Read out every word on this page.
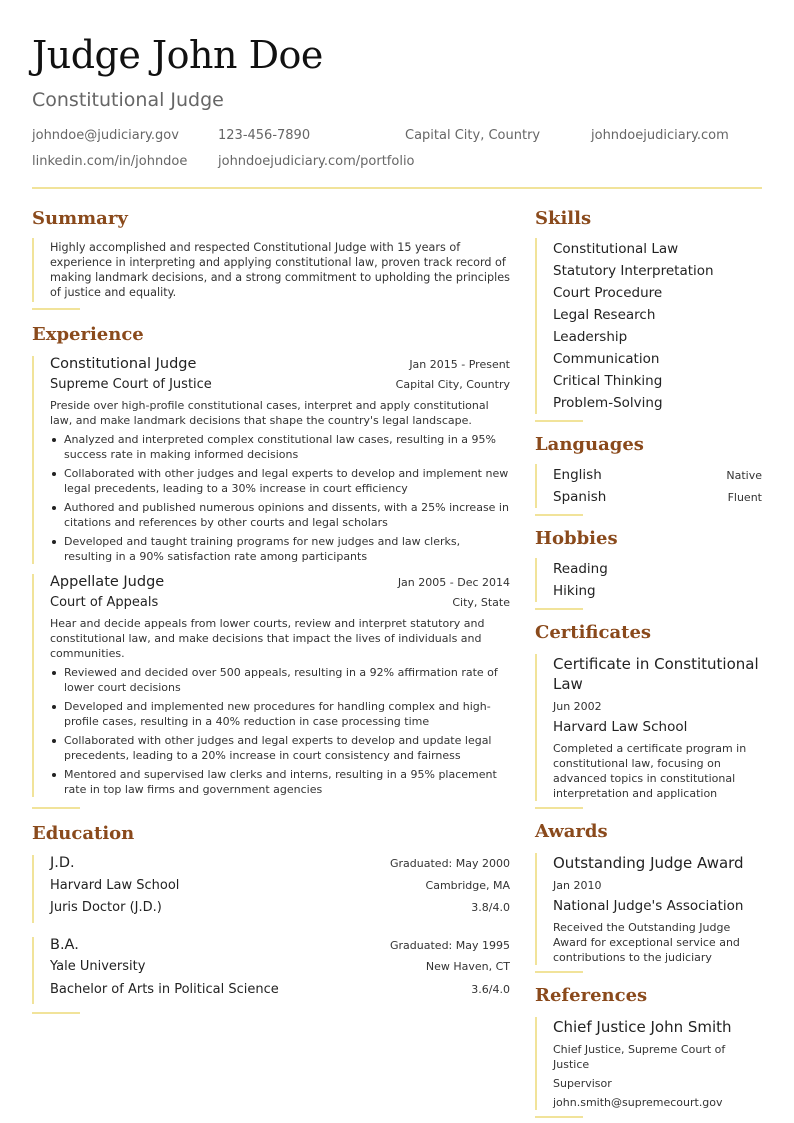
Judge John Doe
Constitutional Judge
johndoe@judiciary.gov	123-456-7890	Capital City, Country	johndoejudiciary.com
linkedin.com/in/johndoe johndoejudiciary.com/portfolio
Summary

Highly accomplished and respected Constitutional Judge with 15 years of experience in interpreting and applying constitutional law, proven track record of making landmark decisions, and a strong commitment to upholding the principles of justice and equality.

Experience
Constitutional Judge	Jan 2015 - Present
Supreme Court of Justice	Capital City, Country

Preside over high-profile constitutional cases, interpret and apply constitutional law, and make landmark decisions that shape the country's legal landscape.

Analyzed and interpreted complex constitutional law cases, resulting in a 95% success rate in making informed decisions
Collaborated with other judges and legal experts to develop and implement new legal precedents, leading to a 30% increase in court efficiency
Authored and published numerous opinions and dissents, with a 25% increase in citations and references by other courts and legal scholars
Developed and taught training programs for new judges and law clerks, resulting in a 90% satisfaction rate among participants
Appellate Judge	Jan 2005 - Dec 2014
Court of Appeals	City, State

Hear and decide appeals from lower courts, review and interpret statutory and constitutional law, and make decisions that impact the lives of individuals and communities.

Reviewed and decided over 500 appeals, resulting in a 92% affirmation rate of lower court decisions
Developed and implemented new procedures for handling complex and high-profile cases, resulting in a 40% reduction in case processing time
Collaborated with other judges and legal experts to develop and update legal precedents, leading to a 20% increase in court consistency and fairness
Mentored and supervised law clerks and interns, resulting in a 95% placement rate in top law firms and government agencies
Education
J.D.	Graduated: May 2000
Harvard Law School	Cambridge, MA
Juris Doctor (J.D.)	3.8/4.0
B.A.	Graduated: May 1995
Yale University	New Haven, CT
Bachelor of Arts in Political Science	3.6/4.0
Skills
Constitutional Law
Statutory Interpretation
Court Procedure
Legal Research
Leadership
Communication
Critical Thinking
Problem-Solving
Languages
English	Native
Spanish	Fluent
Hobbies
Reading
Hiking
Certificates
Certificate in Constitutional Law
Jun 2002
Harvard Law School
Completed a certificate program in constitutional law, focusing on advanced topics in constitutional interpretation and application
Awards
Outstanding Judge Award
Jan 2010
National Judge's Association
Received the Outstanding Judge Award for exceptional service and contributions to the judiciary
References
Chief Justice John Smith
Chief Justice, Supreme Court of Justice
Supervisor
john.smith@supremecourt.gov
